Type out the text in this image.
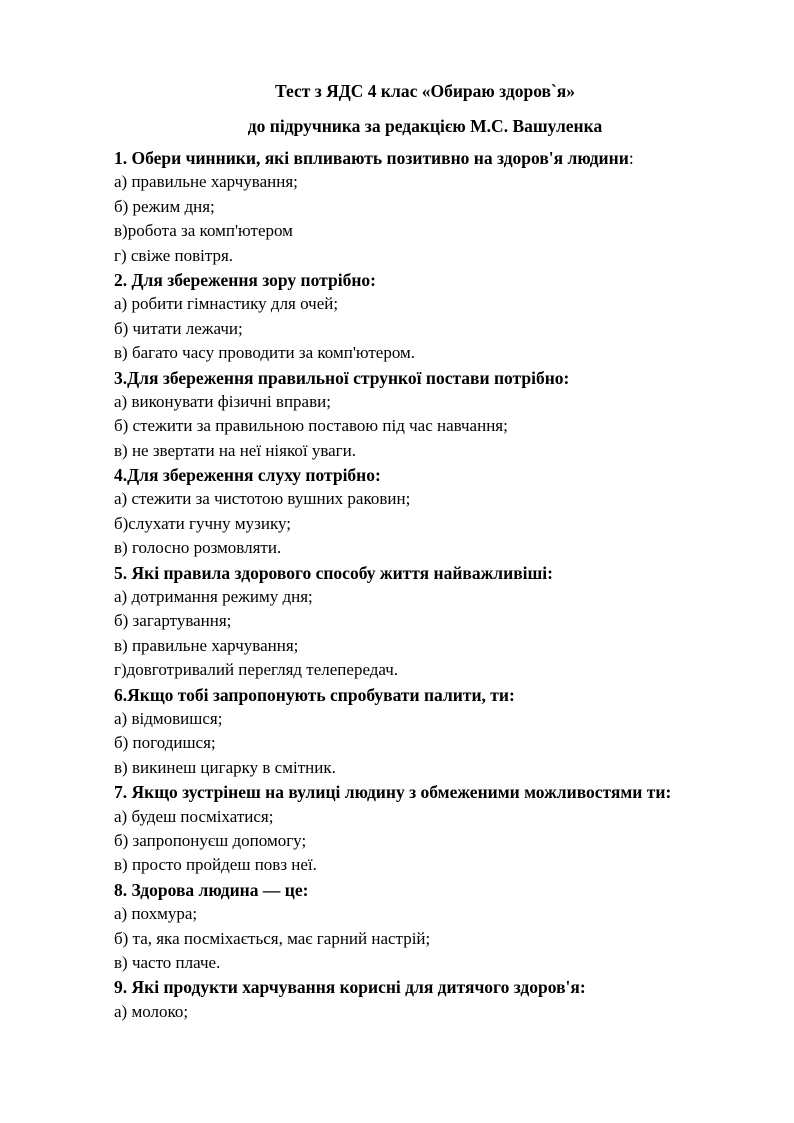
Тест з ЯДС 4 клас «Обираю здоров`я»
до підручника за редакцією М.С. Вашуленка
1. Обери чинники, які впливають позитивно на здоров'я людини:
а) правильне харчування;
б) режим дня;
в)робота за комп'ютером
г) свіже повітря.
2. Для збереження зору потрібно:
а) робити гімнастику для очей;
б) читати лежачи;
в) багато часу проводити за комп'ютером.
3.Для збереження правильної стрункої постави потрібно:
а) виконувати фізичні вправи;
б) стежити за правильною поставою під час навчання;
в) не звертати на неї ніякої уваги.
4.Для збереження слуху потрібно:
а) стежити за чистотою вушних раковин;
б)слухати гучну музику;
в) голосно розмовляти.
5. Які правила здорового способу життя найважливіші:
а) дотримання режиму дня;
б) загартування;
в) правильне харчування;
г)довготривалий перегляд телепередач.
6.Якщо тобі запропонують спробувати палити, ти:
а) відмовишся;
б) погодишся;
в) викинеш цигарку в смітник.
7. Якщо зустрінеш на вулиці людину з обмеженими можливостями ти:
а) будеш посміхатися;
б) запропонуєш допомогу;
в) просто пройдеш повз неї.
8. Здорова людина — це:
а) похмура;
б) та, яка посміхається, має гарний настрій;
в) часто плаче.
9. Які продукти харчування корисні для дитячого здоров'я:
а) молоко;
